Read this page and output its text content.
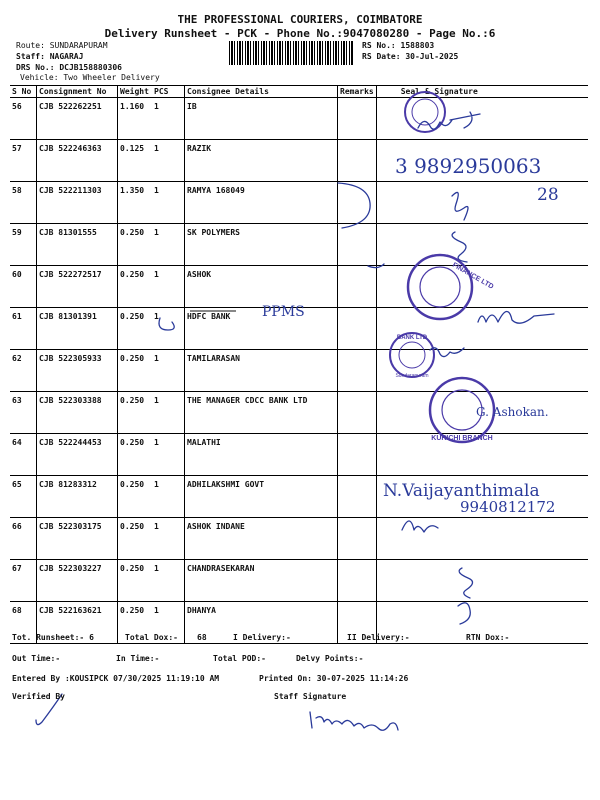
THE PROFESSIONAL COURIERS, COIMBATORE
Delivery Runsheet - PCK - Phone No.:9047080280 - Page No.:6
Route: SUNDARAPURAM
Staff: NAGARAJ
DRS No.: DCJB158880306
Vehicle: Two Wheeler Delivery
RS No.: 1588803
RS Date: 30-Jul-2025
S No	Consignment No	Weight	PCS	Consignee Details	Remarks	Seal & Signature
56	CJB 522262251	1.160	1	IB		
57	CJB 522246363	0.125	1	RAZIK		
58	CJB 522211303	1.350	1	RAMYA 168049		
59	CJB 81301555	0.250	1	SK POLYMERS		
60	CJB 522272517	0.250	1	ASHOK		
61	CJB 81301391	0.250	1	HDFC BANK		
62	CJB 522305933	0.250	1	TAMILARASAN		
63	CJB 522303388	0.250	1	THE MANAGER CDCC BANK LTD		
64	CJB 522244453	0.250	1	MALATHI		
65	CJB 81283312	0.250	1	ADHILAKSHMI GOVT		
66	CJB 522303175	0.250	1	ASHOK INDANE		
67	CJB 522303227	0.250	1	CHANDRASEKARAN		
68	CJB 522163621	0.250	1	DHANYA		
3 9892950063
28
FINANCE LTD
PPMS
BANK LTD
Sundarapuram
KURICHI BRANCH
G. Ashokan.
N.Vaijayanthimala
9940812172
Tot. Runsheet:- 6	Total Dox:- 68	I Delivery:-	II Delivery:-	RTN Dox:-
Out Time:-	In Time:-	Total POD:-	Delvy Points:-
Entered By :KOUSIPCK 07/30/2025 11:19:10 AM	Printed On: 30-07-2025 11:14:26
Verified By	Staff Signature
